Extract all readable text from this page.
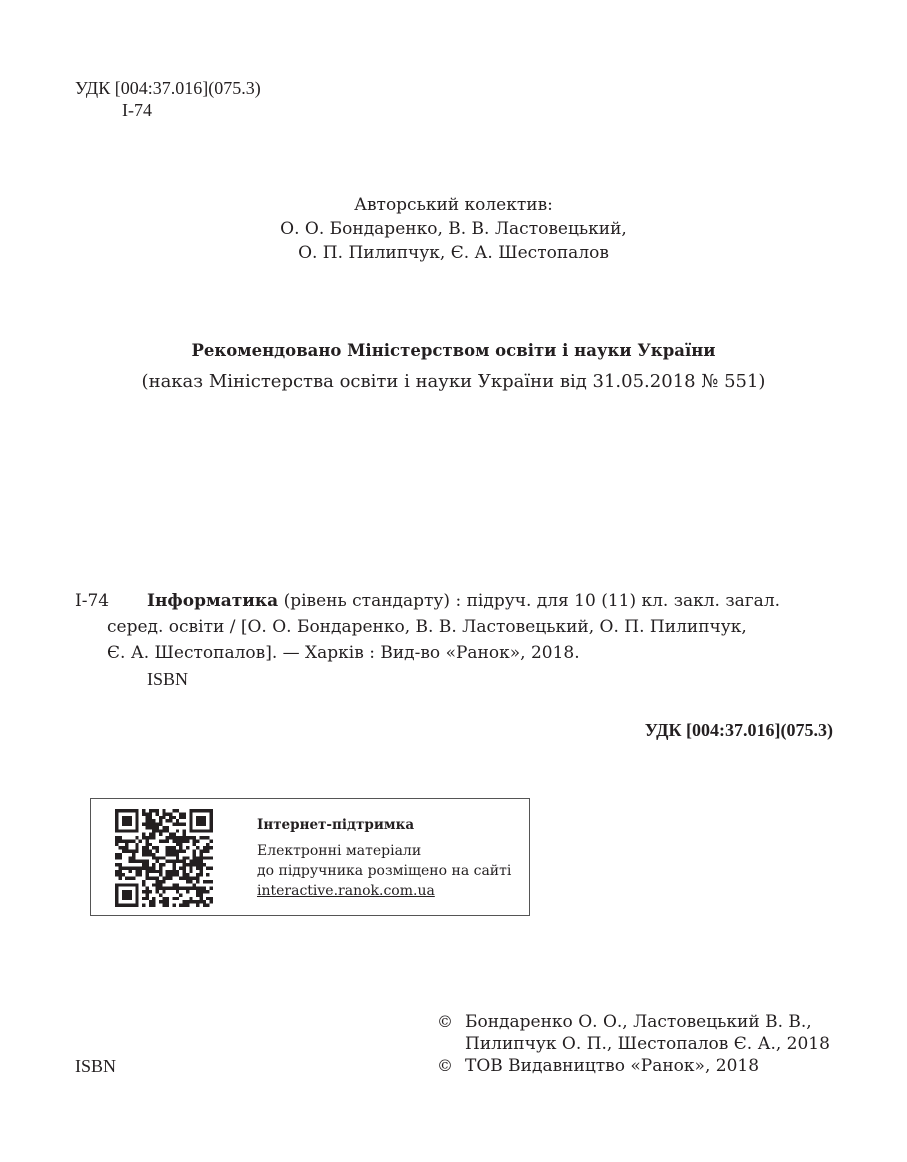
УДК [004:37.016](075.3)
І-74
Авторський колектив:
О. О. Бондаренко, В. В. Ластовецький,
О. П. Пилипчук, Є. А. Шестопалов
Рекомендовано Міністерством освіти і науки України
(наказ Міністерства освіти і науки України від 31.05.2018 № 551)
І-74 Інформатика (рівень стандарту) : підруч. для 10 (11) кл. закл. загал.
серед. освіти / [О. О. Бондаренко, В. В. Ластовецький, О. П. Пилипчук,
Є. А. Шестопалов]. — Харків : Вид-во «Ранок», 2018.
ISBN
УДК [004:37.016](075.3)
Інтернет-підтримка
Електронні матеріали
до підручника розміщено на сайті
interactive.ranok.com.ua
ISBN
© Бондаренко О. О., Ластовецький В. В.,
Пилипчук О. П., Шестопалов Є. А., 2018
© ТОВ Видавництво «Ранок», 2018
